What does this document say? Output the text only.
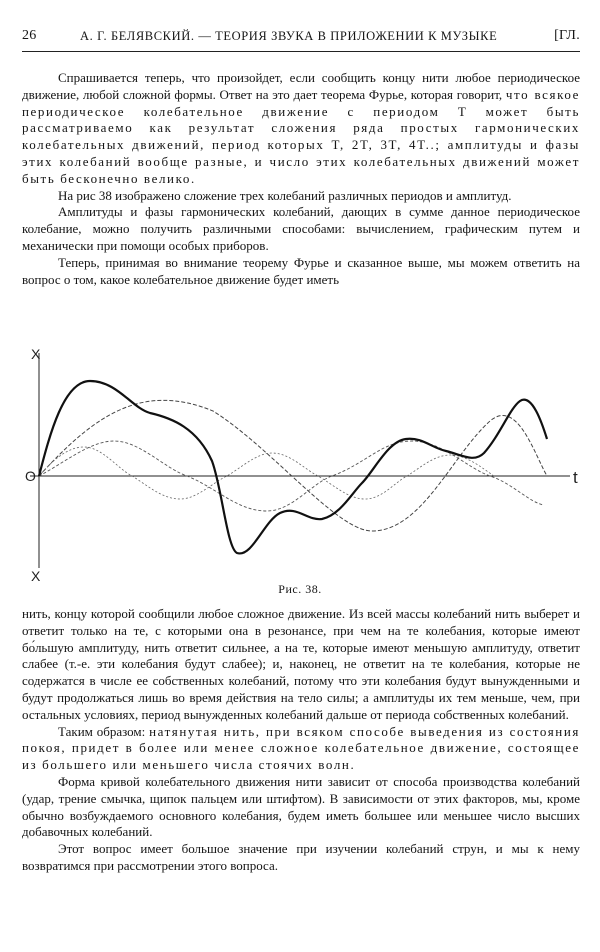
26	А. Г. БЕЛЯВСКИЙ. — ТЕОРИЯ ЗВУКА В ПРИЛОЖЕНИИ К МУЗЫКЕ	[ГЛ.

Спрашивается теперь, что произойдет, если сообщить концу нити любое периодическое движение, любой сложной формы. Ответ на это дает теорема Фурье, которая говорит, что всякое периодическое колебательное движение с периодом T может быть рассматриваемо как результат сложения ряда простых гармонических колебательных движений, период которых T, 2T, 3T, 4T..; амплитуды и фазы этих колебаний вообще разные, и число этих колебательных движений может быть бесконечно велико.

На рис 38 изображено сложение трех колебаний различных периодов и амплитуд.

Амплитуды и фазы гармонических колебаний, дающих в сумме данное периодическое колебание, можно получить различными способами: вычислением, графическим путем и механически при помощи особых приборов.

Теперь, принимая во внимание теорему Фурье и сказанное выше, мы можем ответить на вопрос о том, какое колебательное движение будет иметь

X
X
O	t
Рис. 38.

нить, концу которой сообщили любое сложное движение. Из всей массы колебаний нить выберет и ответит только на те, с которыми она в резонансе, при чем на те колебания, которые имеют бо́льшую амплитуду, нить ответит сильнее, а на те, которые имеют меньшую амплитуду, ответит слабее (т.-е. эти колебания будут слабее); и, наконец, не ответит на те колебания, которые не содержатся в числе ее собственных колебаний, потому что эти колебания будут вынужденными и будут продолжаться лишь во время действия на тело силы; а амплитуды их тем меньше, чем, при остальных условиях, период вынужденных колебаний дальше от периода собственных колебаний.

Таким образом: натянутая нить, при всяком способе выведения из состояния покоя, придет в более или менее сложное колебательное движение, состоящее из большего или меньшего числа стоячих волн.

Форма кривой колебательного движения нити зависит от способа производства колебаний (удар, трение смычка, щипок пальцем или штифтом). В зависимости от этих факторов, мы, кроме обычно возбуждаемого основного колебания, будем иметь большее или меньшее число высших добавочных колебаний.

Этот вопрос имеет большое значение при изучении колебаний струн, и мы к нему возвратимся при рассмотрении этого вопроса.
